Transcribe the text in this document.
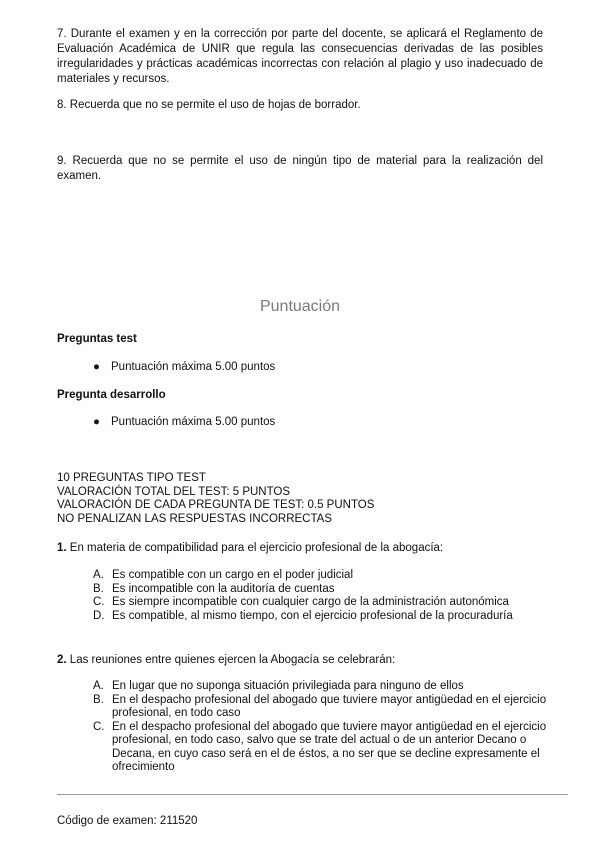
7. Durante el examen y en la corrección por parte del docente, se aplicará el Reglamento de Evaluación Académica de UNIR que regula las consecuencias derivadas de las posibles irregularidades y prácticas académicas incorrectas con relación al plagio y uso inadecuado de materiales y recursos.

8. Recuerda que no se permite el uso de hojas de borrador.

9. Recuerda que no se permite el uso de ningún tipo de material para la realización del examen.

Puntuación
Preguntas test
● Puntuación máxima 5.00 puntos
Pregunta desarrollo
● Puntuación máxima 5.00 puntos
10 PREGUNTAS TIPO TEST
VALORACIÓN TOTAL DEL TEST: 5 PUNTOS
VALORACIÓN DE CADA PREGUNTA DE TEST: 0.5 PUNTOS
NO PENALIZAN LAS RESPUESTAS INCORRECTAS
1. En materia de compatibilidad para el ejercicio profesional de la abogacía:
A. Es compatible con un cargo en el poder judicial
B. Es incompatible con la auditoría de cuentas
C. Es siempre incompatible con cualquier cargo de la administración autonómica
D. Es compatible, al mismo tiempo, con el ejercicio profesional de la procuraduría
2. Las reuniones entre quienes ejercen la Abogacía se celebrarán:
A. En lugar que no suponga situación privilegiada para ninguno de ellos
B. En el despacho profesional del abogado que tuviere mayor antigüedad en el ejercicio profesional, en todo caso
C. En el despacho profesional del abogado que tuviere mayor antigüedad en el ejercicio profesional, en todo caso, salvo que se trate del actual o de un anterior Decano o Decana, en cuyo caso será en el de éstos, a no ser que se decline expresamente el ofrecimiento
Código de examen: 211520
